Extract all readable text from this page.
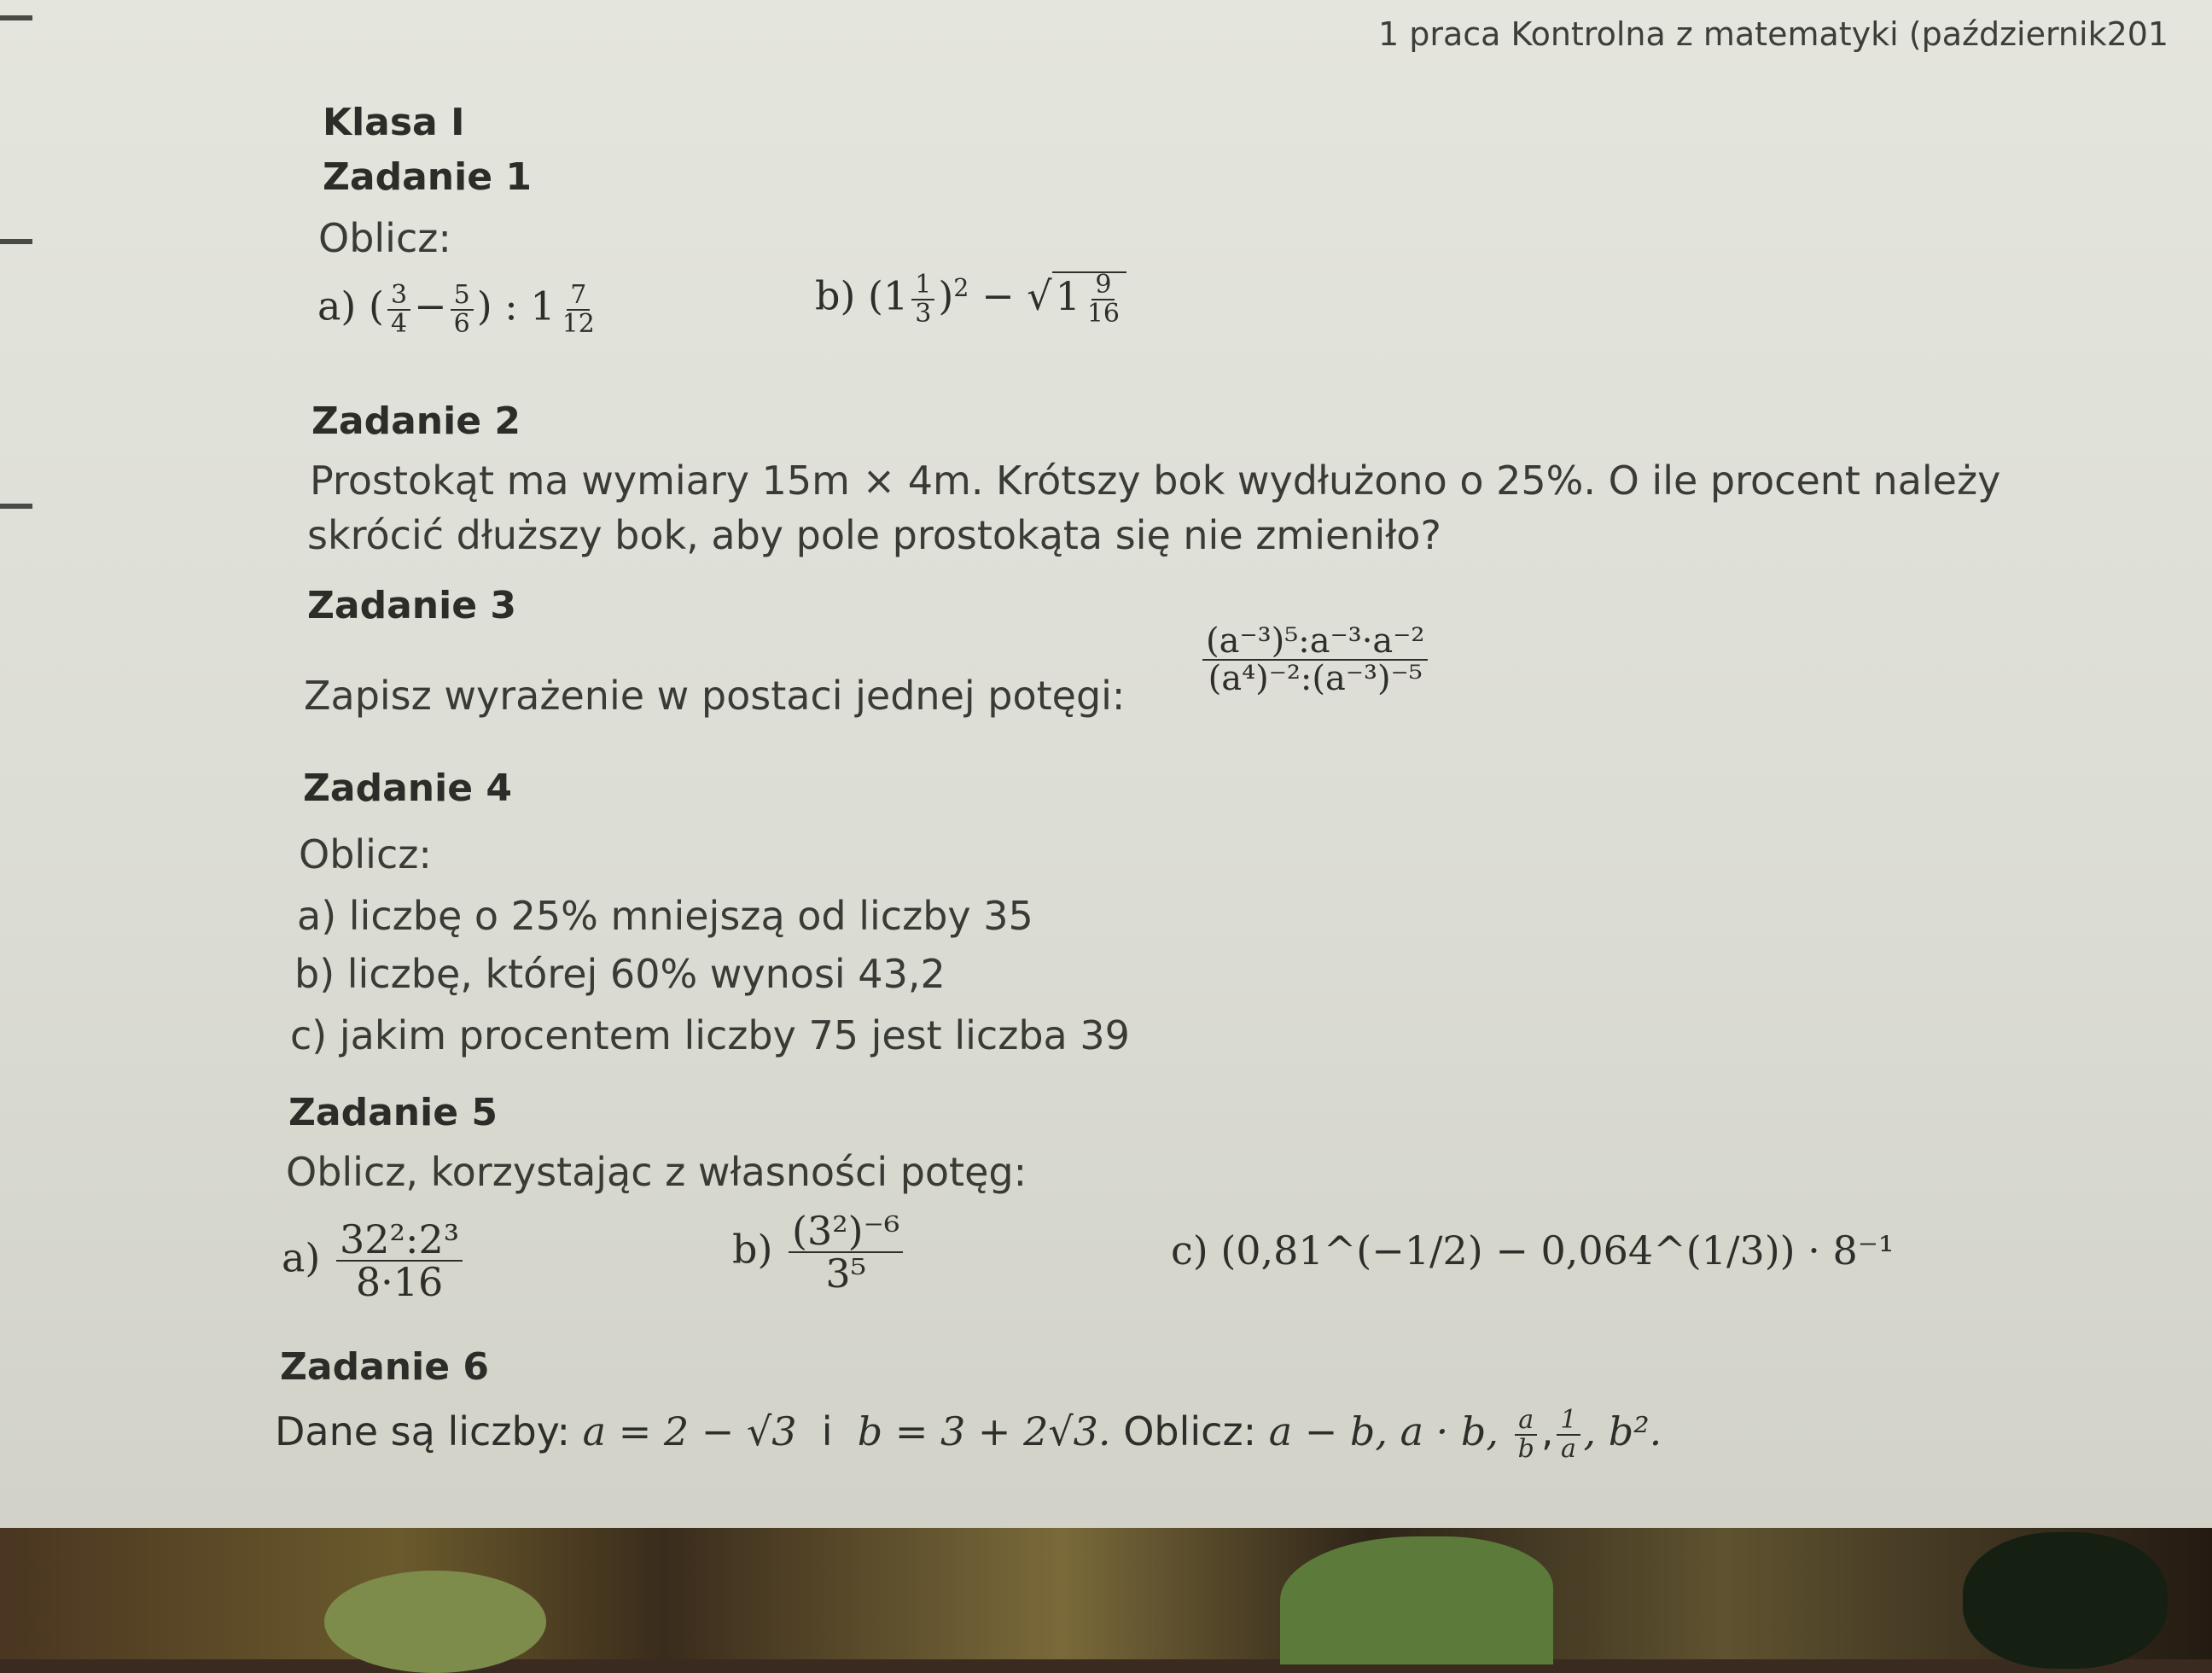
1 praca Kontrolna z matematyki (październik201
Klasa I
Zadanie 1
Oblicz:
a) ( $\frac{3}{4} - \frac{5}{6}$ ) : $1 \frac{7}{12}$	b) $(1 \frac{1}{3} )^2 - √1 \frac{9}{16}$
Zadanie 2
Prostokąt ma wymiary 15m × 4m. Krótszy bok wydłużono o 25%. O ile procent należy
skrócić dłuższy bok, aby pole prostokąta się nie zmieniło?
Zadanie 3
Zapisz wyrażenie w postaci jednej potęgi: $\frac{\text{(a⁻³)⁵:a⁻³·a⁻²}}{\text{(a⁴)⁻²:(a⁻³)⁻⁵}}$
Zadanie 4
Oblicz:
a) liczbę o 25% mniejszą od liczby 35
b) liczbę, której 60% wynosi 43,2
c) jakim procentem liczby 75 jest liczba 39
Zadanie 5
Oblicz, korzystając z własności potęg:
$a) \frac{\text{32²:2³}}{8\cdot 16}$	$b) \frac{\text{(3²)⁻⁶}}{\text{3⁵}}$	c) (0,81^(−1/2) − 0,064^(1/3)) · 8⁻¹
Zadanie 6
Dane są liczby: a = 2 − √3 i b = 3 + 2√3. Oblicz: a − b, a · b, $\frac{a}{b}$ , $\frac{1}{a}$ , b².
